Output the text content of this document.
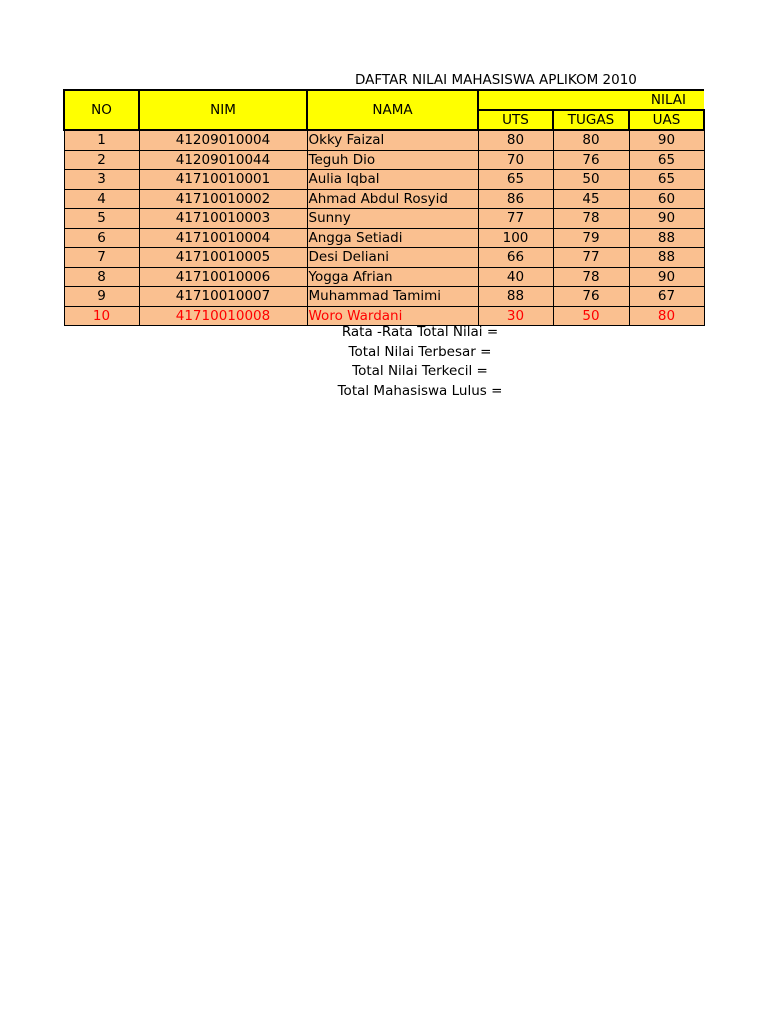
DAFTAR NILAI MAHASISWA APLIKOM 2010
NO	NIM	NAMA	NILAI		
			UTS	TUGAS	UAS
1	41209010004	Okky Faizal	80	80	90
2	41209010044	Teguh Dio	70	76	65
3	41710010001	Aulia Iqbal	65	50	65
4	41710010002	Ahmad Abdul Rosyid	86	45	60
5	41710010003	Sunny	77	78	90
6	41710010004	Angga Setiadi	100	79	88
7	41710010005	Desi Deliani	66	77	88
8	41710010006	Yogga Afrian	40	78	90
9	41710010007	Muhammad Tamimi	88	76	67
10	41710010008	Woro Wardani	30	50	80
Rata -Rata Total Nilai =
Total Nilai Terbesar =
Total Nilai Terkecil =
Total Mahasiswa Lulus =
